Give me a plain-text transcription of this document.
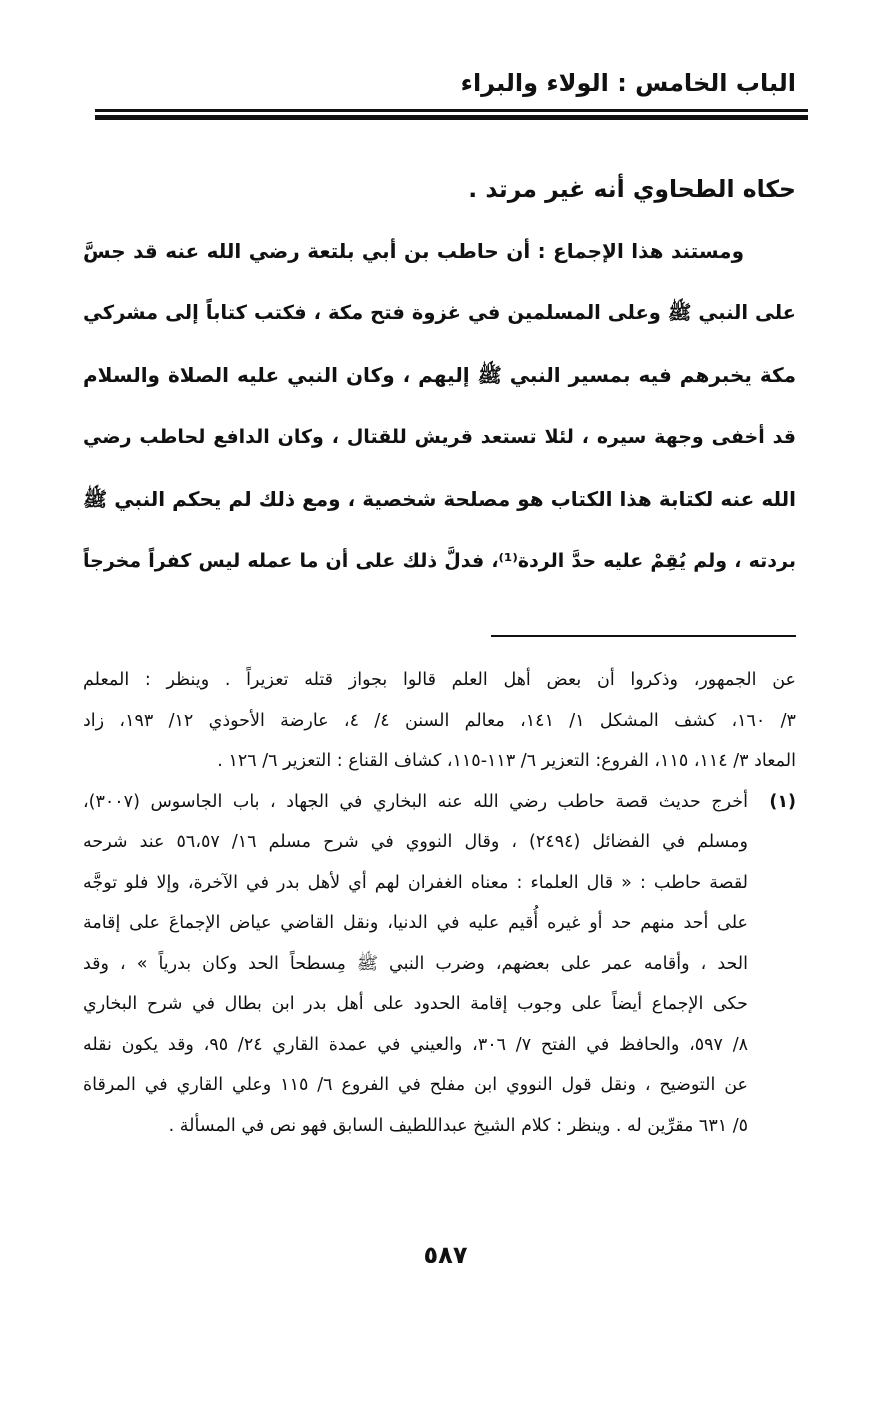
الباب الخامس : الولاء والبراء
حكاه الطحاوي أنه غير مرتد .
ومستند هذا الإجماع : أن حاطب بن أبي بلتعة رضي الله عنه قد جسَّ
على النبي ﷺ وعلى المسلمين في غزوة فتح مكة ، فكتب كتاباً إلى مشركي
مكة يخبرهم فيه بمسير النبي ﷺ إليهم ، وكان النبي عليه الصلاة والسلام
قد أخفى وجهة سيره ، لئلا تستعد قريش للقتال ، وكان الدافع لحاطب رضي
الله عنه لكتابة هذا الكتاب هو مصلحة شخصية ، ومع ذلك لم يحكم النبي ﷺ
بردته ، ولم يُقِمْ عليه حدَّ الردة⁽¹⁾، فدلَّ ذلك على أن ما عمله ليس كفراً مخرجاً
عن الجمهور، وذكروا أن بعض أهل العلم قالوا بجواز قتله تعزيراً . وينظر : المعلم
٣/ ١٦٠، كشف المشكل ١/ ١٤١، معالم السنن ٤/ ٤، عارضة الأحوذي ١٢/ ١٩٣، زاد
المعاد ٣/ ١١٤، ١١٥، الفروع: التعزير ٦/ ١١٣-١١٥، كشاف القناع : التعزير ٦/ ١٢٦ .
(١)
أخرج حديث قصة حاطب رضي الله عنه البخاري في الجهاد ، باب الجاسوس (٣٠٠٧)،
ومسلم في الفضائل (٢٤٩٤) ، وقال النووي في شرح مسلم ١٦/ ٥٦،٥٧ عند شرحه
لقصة حاطب : « قال العلماء : معناه الغفران لهم أي لأهل بدر في الآخرة، وإلا فلو توجَّه
على أحد منهم حد أو غيره أُقيم عليه في الدنيا، ونقل القاضي عياض الإجماعَ على إقامة
الحد ، وأقامه عمر على بعضهم، وضرب النبي ﷺ مِسطحاً الحد وكان بدرياً » ، وقد
حكى الإجماع أيضاً على وجوب إقامة الحدود على أهل بدر ابن بطال في شرح البخاري
٨/ ٥٩٧، والحافظ في الفتح ٧/ ٣٠٦، والعيني في عمدة القاري ٢٤/ ٩٥، وقد يكون نقله
عن التوضيح ، ونقل قول النووي ابن مفلح في الفروع ٦/ ١١٥ وعلي القاري في المرقاة
٥/ ٦٣١ مقرِّين له . وينظر : كلام الشيخ عبداللطيف السابق فهو نص في المسألة .
٥٨٧
